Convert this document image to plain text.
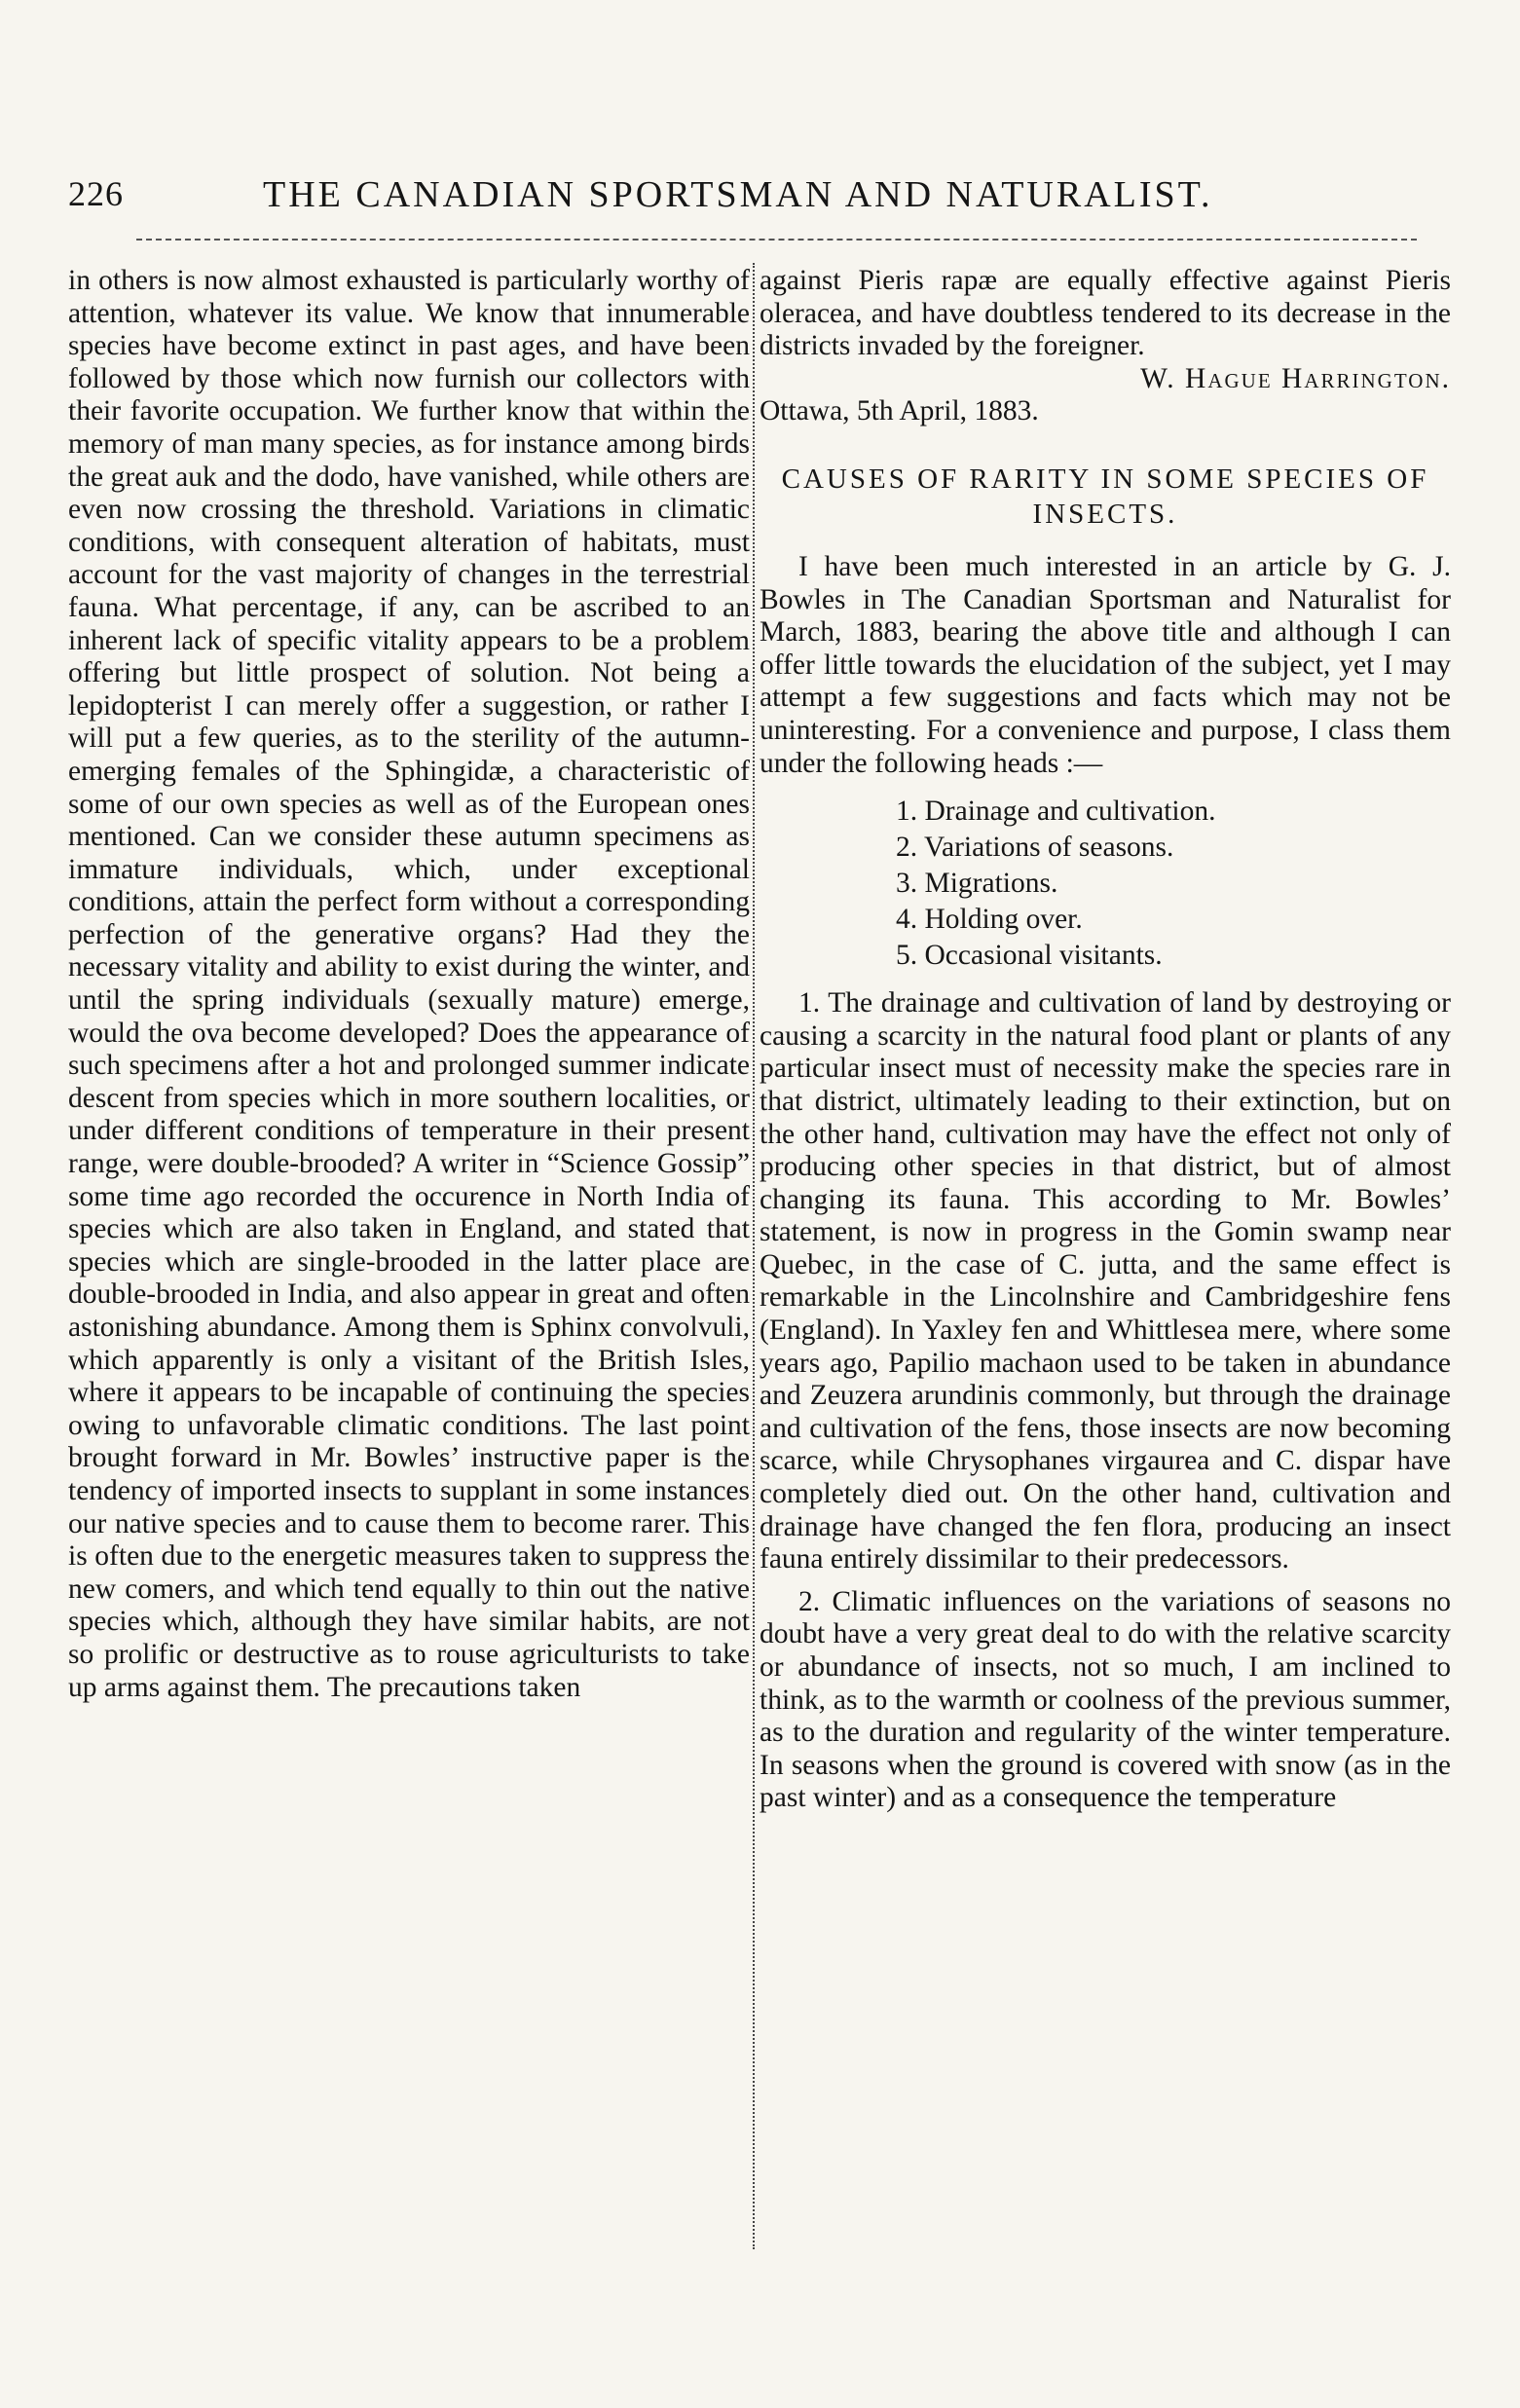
226	THE CANADIAN SPORTSMAN AND NATURALIST.

in others is now almost exhausted is particularly worthy of attention, whatever its value. We know that innumerable species have become extinct in past ages, and have been followed by those which now furnish our collectors with their favorite occupation. We further know that within the memory of man many species, as for instance among birds the great auk and the dodo, have vanished, while others are even now crossing the threshold. Variations in climatic conditions, with consequent alteration of habitats, must account for the vast majority of changes in the terrestrial fauna. What percentage, if any, can be ascribed to an inherent lack of specific vitality appears to be a problem offering but little prospect of solution. Not being a lepidopterist I can merely offer a suggestion, or rather I will put a few queries, as to the sterility of the autumn-emerging females of the Sphingidæ, a characteristic of some of our own species as well as of the European ones mentioned. Can we consider these autumn specimens as immature individuals, which, under exceptional conditions, attain the perfect form without a corresponding perfection of the generative organs? Had they the necessary vitality and ability to exist during the winter, and until the spring individuals (sexually mature) emerge, would the ova become developed? Does the appearance of such specimens after a hot and prolonged summer indicate descent from species which in more southern localities, or under different conditions of temperature in their present range, were double-brooded? A writer in “Science Gossip” some time ago recorded the occurence in North India of species which are also taken in England, and stated that species which are single-brooded in the latter place are double-brooded in India, and also appear in great and often astonishing abundance. Among them is Sphinx convolvuli, which apparently is only a visitant of the British Isles, where it appears to be incapable of continuing the species owing to unfavorable climatic conditions. The last point brought forward in Mr. Bowles’ instructive paper is the tendency of imported insects to supplant in some instances our native species and to cause them to become rarer. This is often due to the energetic measures taken to suppress the new comers, and which tend equally to thin out the native species which, although they have similar habits, are not so prolific or destructive as to rouse agriculturists to take up arms against them. The precautions taken

against Pieris rapæ are equally effective against Pieris oleracea, and have doubtless tendered to its decrease in the districts invaded by the foreigner.

W. Hague Harrington.

Ottawa, 5th April, 1883.

CAUSES OF RARITY IN SOME SPECIES OF INSECTS.

I have been much interested in an article by G. J. Bowles in The Canadian Sportsman and Naturalist for March, 1883, bearing the above title and although I can offer little towards the elucidation of the subject, yet I may attempt a few suggestions and facts which may not be uninteresting. For a convenience and purpose, I class them under the following heads :—

1. Drainage and cultivation.
2. Variations of seasons.
3. Migrations.
4. Holding over.
5. Occasional visitants.

1. The drainage and cultivation of land by destroying or causing a scarcity in the natural food plant or plants of any particular insect must of necessity make the species rare in that district, ultimately leading to their extinction, but on the other hand, cultivation may have the effect not only of producing other species in that district, but of almost changing its fauna. This according to Mr. Bowles’ statement, is now in progress in the Gomin swamp near Quebec, in the case of C. jutta, and the same effect is remarkable in the Lincolnshire and Cambridgeshire fens (England). In Yaxley fen and Whittlesea mere, where some years ago, Papilio machaon used to be taken in abundance and Zeuzera arundinis commonly, but through the drainage and cultivation of the fens, those insects are now becoming scarce, while Chrysophanes virgaurea and C. dispar have completely died out. On the other hand, cultivation and drainage have changed the fen flora, producing an insect fauna entirely dissimilar to their predecessors.

2. Climatic influences on the variations of seasons no doubt have a very great deal to do with the relative scarcity or abundance of insects, not so much, I am inclined to think, as to the warmth or coolness of the previous summer, as to the duration and regularity of the winter temperature. In seasons when the ground is covered with snow (as in the past winter) and as a consequence the temperature
